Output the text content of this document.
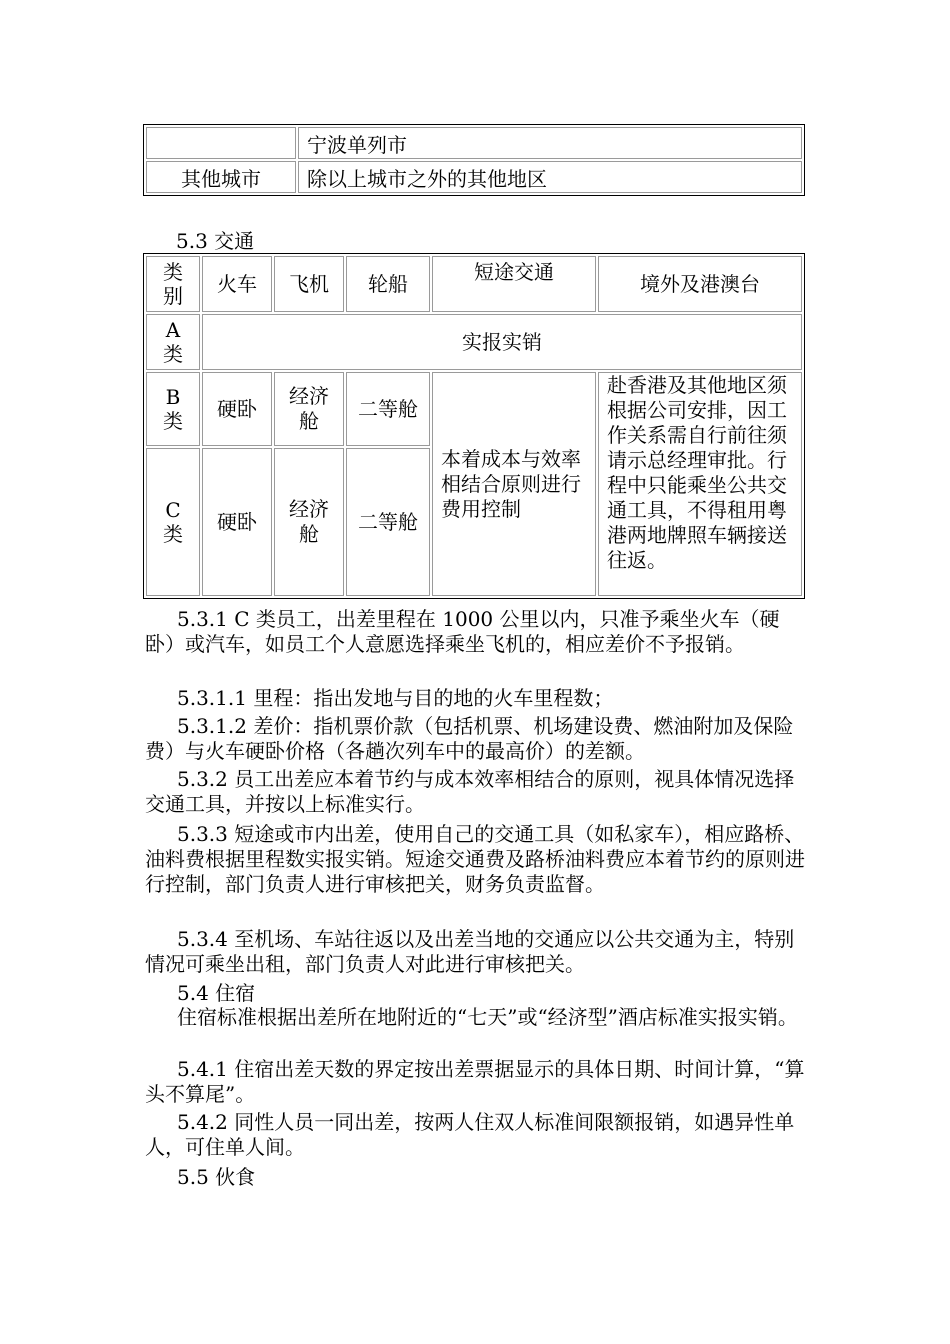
	宁波单列市
其他城市	除以上城市之外的其他地区

5.3 交通

类别	火车	飞机	轮船	短途交通	境外及港澳台
A类	实报实销				
B类	硬卧	经济舱	二等舱	本着成本与效率相结合原则进行费用控制	赴香港及其他地区须根据公司安排，因工作关系需自行前往须请示总经理审批。行程中只能乘坐公共交通工具，不得租用粤港两地牌照车辆接送往返。
C类	硬卧	经济舱	二等舱		

5.3.1 C 类员工，出差里程在 1000 公里以内，只准予乘坐火车（硬卧）或汽车，如员工个人意愿选择乘坐飞机的，相应差价不予报销。

5.3.1.1 里程：指出发地与目的地的火车里程数；

5.3.1.2 差价：指机票价款（包括机票、机场建设费、燃油附加及保险费）与火车硬卧价格（各趟次列车中的最高价）的差额。

5.3.2 员工出差应本着节约与成本效率相结合的原则，视具体情况选择交通工具，并按以上标准实行。

5.3.3 短途或市内出差，使用自己的交通工具（如私家车），相应路桥、油料费根据里程数实报实销。短途交通费及路桥油料费应本着节约的原则进行控制，部门负责人进行审核把关，财务负责监督。

5.3.4 至机场、车站往返以及出差当地的交通应以公共交通为主，特别情况可乘坐出租，部门负责人对此进行审核把关。

5.4 住宿

住宿标准根据出差所在地附近的“七天”或“经济型”酒店标准实报实销。

5.4.1 住宿出差天数的界定按出差票据显示的具体日期、时间计算，“算头不算尾”。

5.4.2 同性人员一同出差，按两人住双人标准间限额报销，如遇异性单人，可住单人间。

5.5 伙食
